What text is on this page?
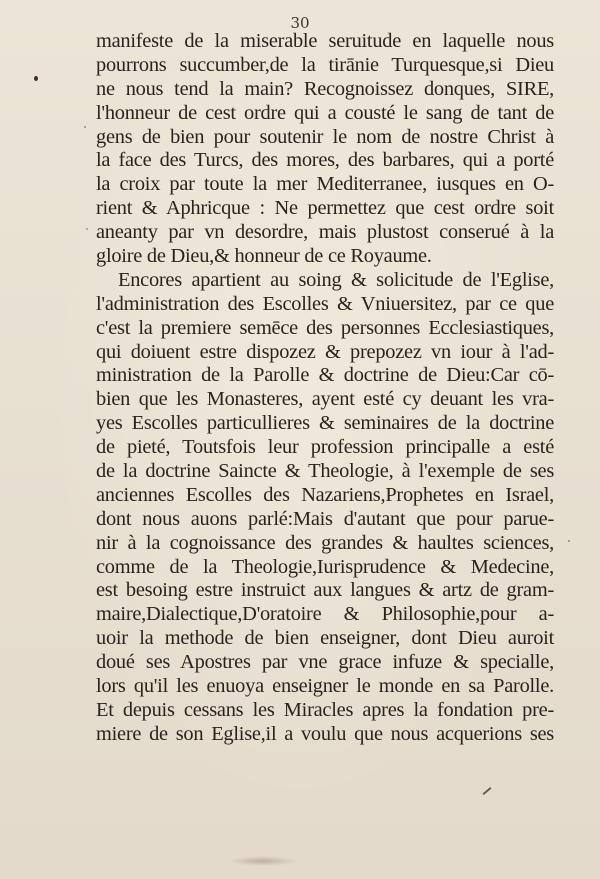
30
manifeste de la miserable seruitude en laquelle nous
pourrons succumber,de la tirānie Turquesque,si Dieu
ne nous tend la main? Recognoissez donques, SIRE,
l'honneur de cest ordre qui a cousté le sang de tant de
gens de bien pour soutenir le nom de nostre Christ à
la face des Turcs, des mores, des barbares, qui a porté
la croix par toute la mer Mediterranee, iusques en O-
rient & Aphricque : Ne permettez que cest ordre soit
aneanty par vn desordre, mais plustost conserué à la
gloire de Dieu,& honneur de ce Royaume.
Encores apartient au soing & solicitude de l'Eglise,
l'administration des Escolles & Vniuersitez, par ce que
c'est la premiere semēce des personnes Ecclesiastiques,
qui doiuent estre dispozez & prepozez vn iour à l'ad-
ministration de la Parolle & doctrine de Dieu:Car cō-
bien que les Monasteres, ayent esté cy deuant les vra-
yes Escolles particullieres & seminaires de la doctrine
de pieté, Toutsfois leur profession principalle a esté
de la doctrine Saincte & Theologie, à l'exemple de ses
anciennes Escolles des Nazariens,Prophetes en Israel,
dont nous auons parlé:Mais d'autant que pour parue-
nir à la cognoissance des grandes & haultes sciences,
comme de la Theologie,Iurisprudence & Medecine,
est besoing estre instruict aux langues & artz de gram-
maire,Dialectique,D'oratoire & Philosophie,pour a-
uoir la methode de bien enseigner, dont Dieu auroit
doué ses Apostres par vne grace infuze & specialle,
lors qu'il les enuoya enseigner le monde en sa Parolle.
Et depuis cessans les Miracles apres la fondation pre-
miere de son Eglise,il a voulu que nous acquerions ses
